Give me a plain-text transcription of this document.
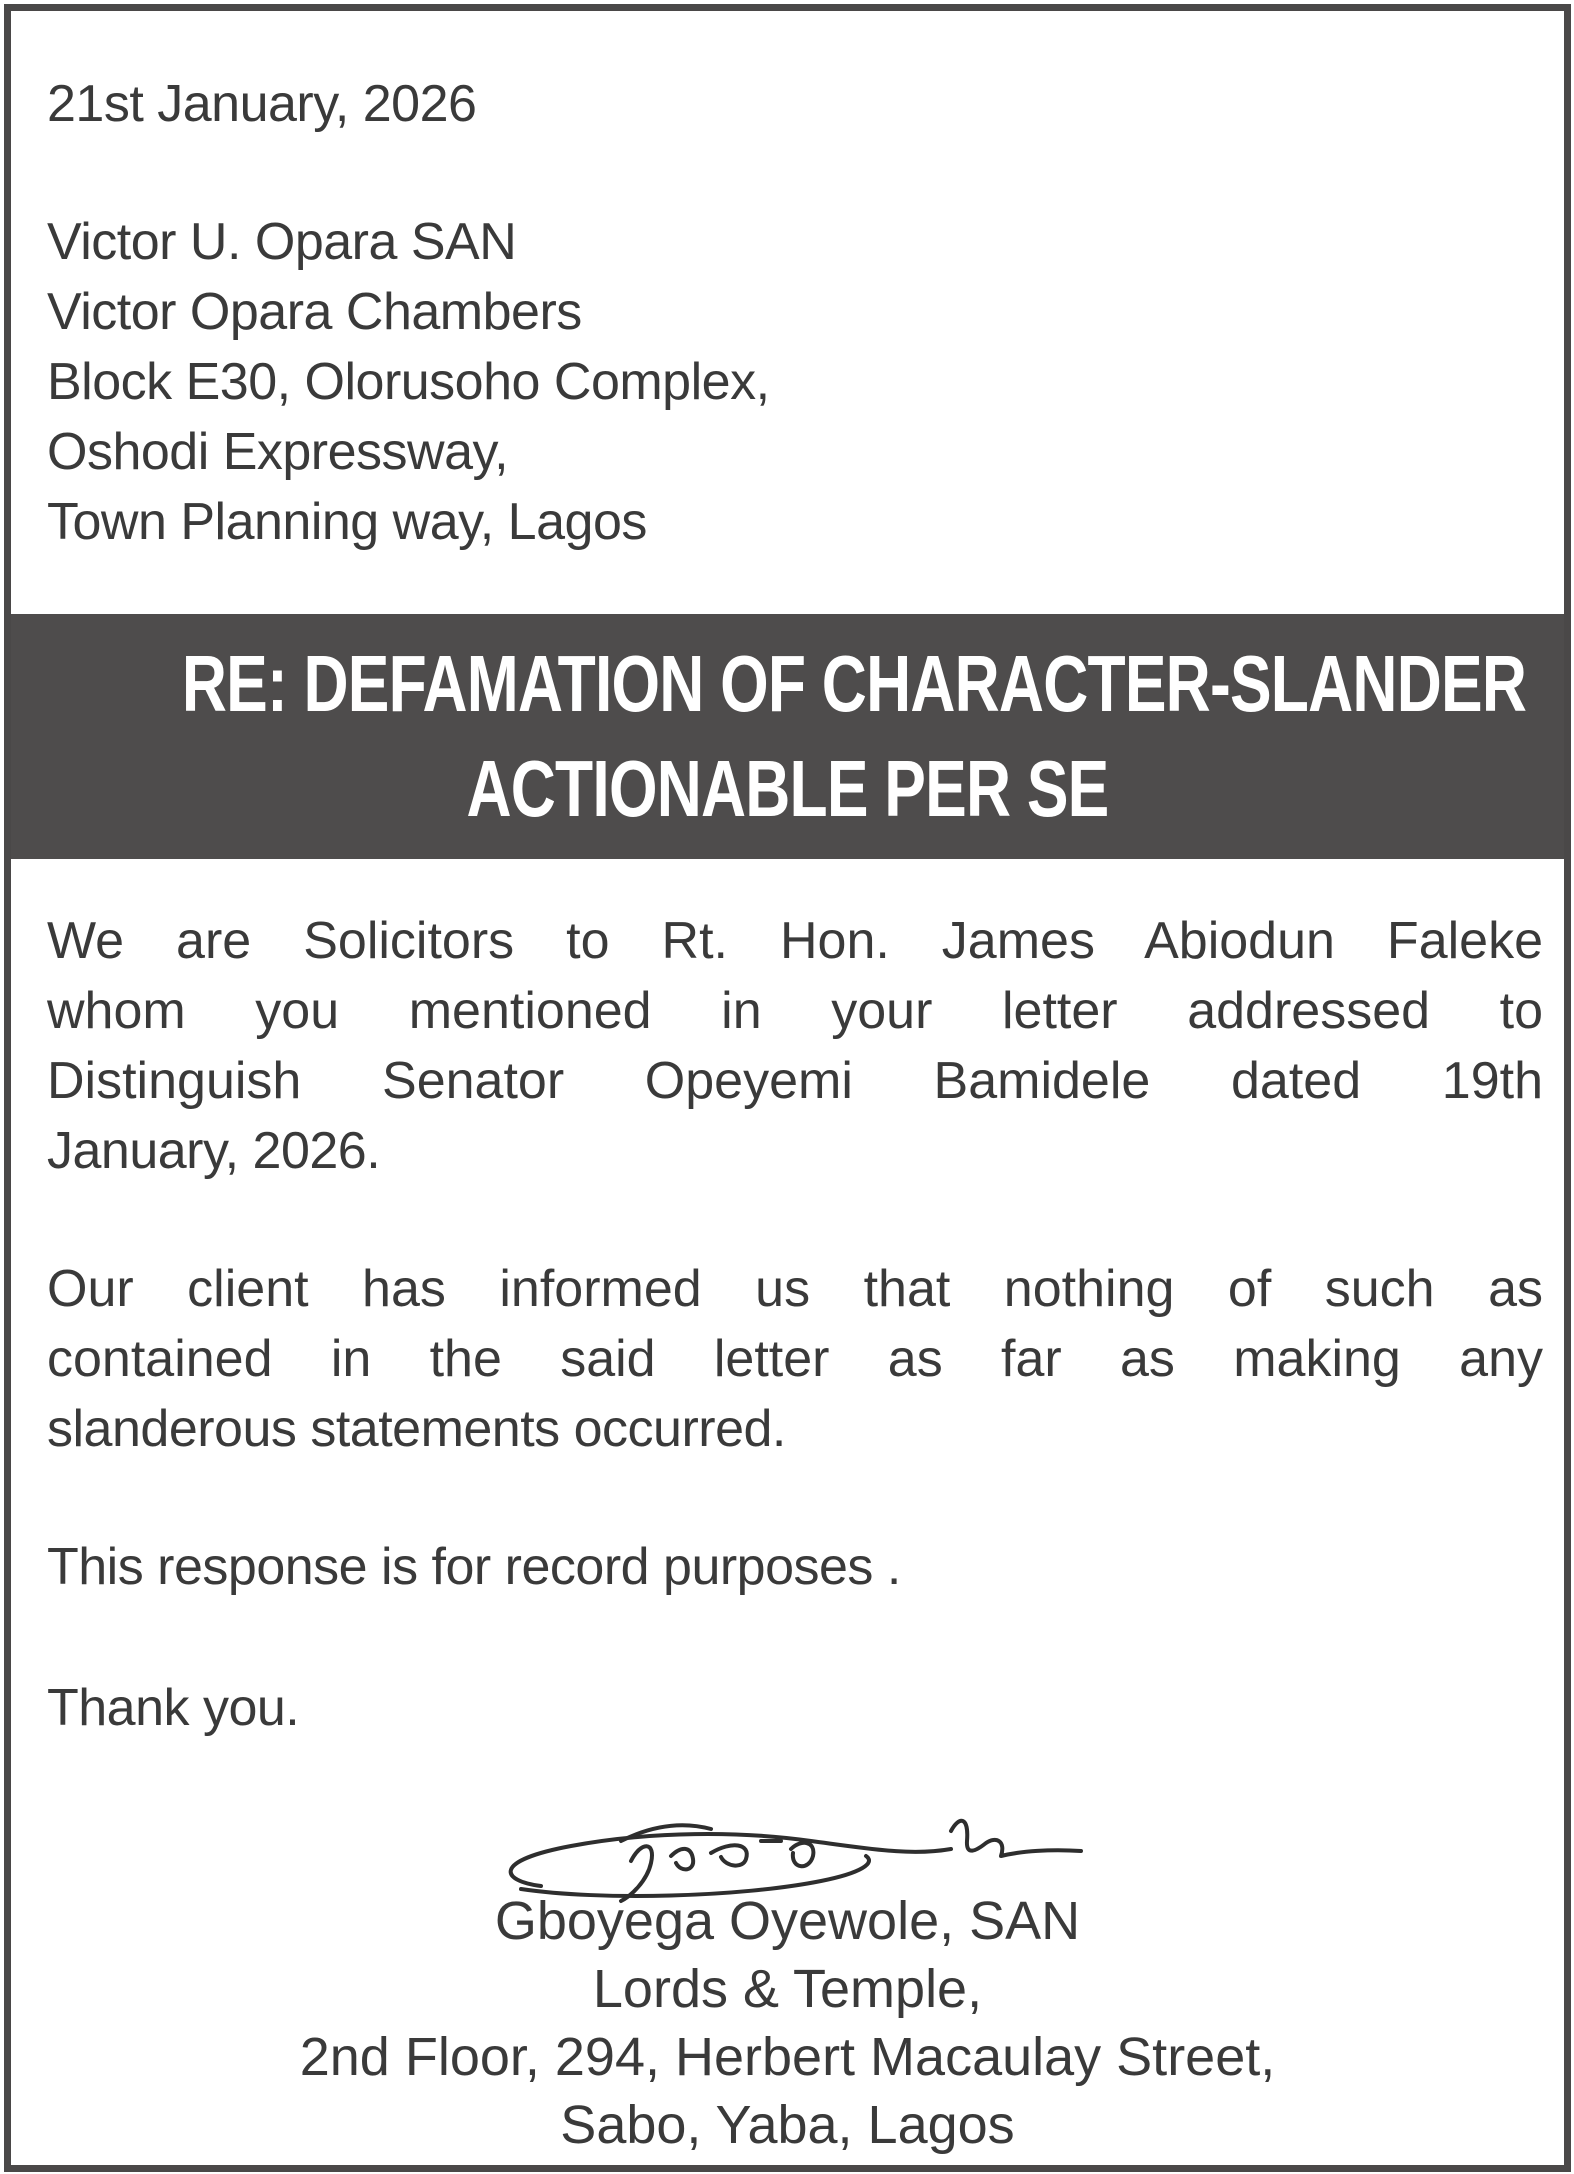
21st January, 2026
Victor U. Opara SAN
Victor Opara Chambers
Block E30, Olorusoho Complex,
Oshodi Expressway,
Town Planning way, Lagos
RE: DEFAMATION OF CHARACTER-SLANDER
ACTIONABLE PER SE
We are Solicitors to Rt. Hon. James Abiodun Faleke
whom you mentioned in your letter addressed to
Distinguish Senator Opeyemi Bamidele dated 19th
January, 2026.
Our client has informed us that nothing of such as
contained in the said letter as far as making any
slanderous statements occurred.
This response is for record purposes .
Thank you.
Gboyega Oyewole, SAN
Lords & Temple,
2nd Floor, 294, Herbert Macaulay Street,
Sabo, Yaba, Lagos
